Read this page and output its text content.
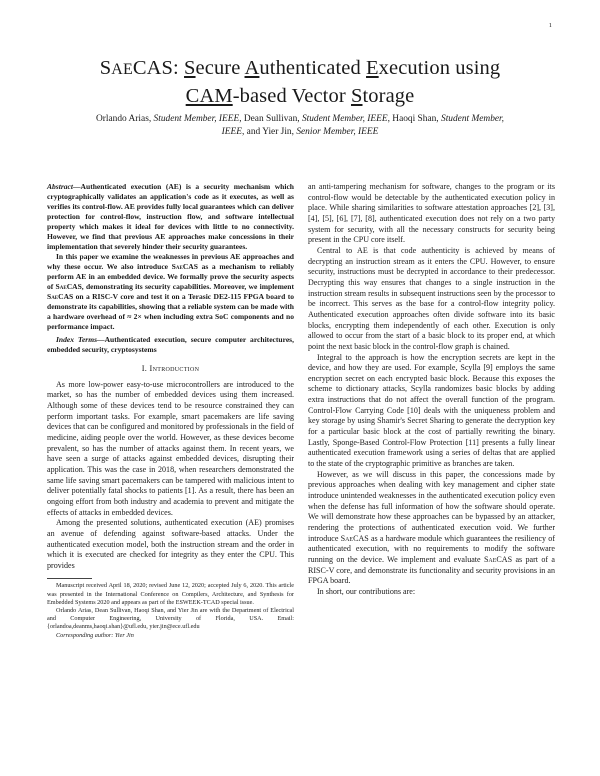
1
SAECAS: Secure Authenticated Execution using
CAM-based Vector Storage
Orlando Arias, Student Member, IEEE, Dean Sullivan, Student Member, IEEE, Haoqi Shan, Student Member,
IEEE, and Yier Jin, Senior Member, IEEE

Abstract—Authenticated execution (AE) is a security mechanism which cryptographically validates an application's code as it executes, as well as verifies its control-flow. AE provides fully local guarantees which can deliver protection for control-flow, instruction flow, and software intellectual property which makes it ideal for devices with little to no connectivity. However, we find that previous AE approaches make concessions in their implementation that severely hinder their security guarantees.

In this paper we examine the weaknesses in previous AE approaches and why these occur. We also introduce SaeCAS as a mechanism to reliably perform AE in an embedded device. We formally prove the security aspects of SaeCAS, demonstrating its security capabilities. Moreover, we implement SaeCAS on a RISC-V core and test it on a Terasic DE2-115 FPGA board to demonstrate its capabilities, showing that a reliable system can be made with a hardware overhead of ≈ 2× when including extra SoC components and no performance impact.

Index Terms—Authenticated execution, secure computer architectures, embedded security, cryptosystems

I. Introduction

As more low-power easy-to-use microcontrollers are introduced to the market, so has the number of embedded devices using them increased. Although some of these devices tend to be resource constrained they can perform important tasks. For example, smart pacemakers are life saving devices that can be configured and monitored by professionals in the field of medicine, aiding people over the world. However, as these devices become prevalent, so has the number of attacks against them. In recent years, we have seen a surge of attacks against embedded devices, disrupting their application. This was the case in 2018, when researchers demonstrated the same life saving smart pacemakers can be tampered with malicious intent to deliver potentially fatal shocks to patients [1]. As a result, there has been an ongoing effort from both industry and academia to prevent and mitigate the effects of attacks in embedded devices.

Among the presented solutions, authenticated execution (AE) promises an avenue of defending against software-based attacks. Under the authenticated execution model, both the instruction stream and the order in which it is executed are checked for integrity as they enter the CPU. This provides

Manuscript received April 18, 2020; revised June 12, 2020; accepted July 6, 2020. This article was presented in the International Conference on Compilers, Architecture, and Synthesis for Embedded Systems 2020 and appears as part of the ESWEEK-TCAD special issue.

Orlando Arias, Dean Sullivan, Haoqi Shan, and Yier Jin are with the Department of Electrical and Computer Engineering, University of Florida, USA. Email: {orlandoa,deanms,haoqi.shan}@ufl.edu, yier.jin@ece.ufl.edu

Corresponding author: Yier Jin

an anti-tampering mechanism for software, changes to the program or its control-flow would be detectable by the authenticated execution policy in place. While sharing similarities to software attestation approaches [2], [3], [4], [5], [6], [7], [8], authenticated execution does not rely on a two party system for security, with all the necessary constructs for security being present in the CPU core itself.

Central to AE is that code authenticity is achieved by means of decrypting an instruction stream as it enters the CPU. However, to ensure security, instructions must be decrypted in accordance to their predecessor. Decrypting this way ensures that changes to a single instruction in the instruction stream results in subsequent instructions seen by the processor to be incorrect. This serves as the base for a control-flow integrity policy. Authenticated execution approaches often divide software into its basic blocks, encrypting them independently of each other. Execution is only allowed to occur from the start of a basic block to its proper end, at which point the next basic block in the control-flow graph is chained.

Integral to the approach is how the encryption secrets are kept in the device, and how they are used. For example, Scylla [9] employs the same encryption secret on each encrypted basic block. Because this exposes the scheme to dictionary attacks, Scylla randomizes basic blocks by adding extra instructions that do not affect the overall function of the program. Control-Flow Carrying Code [10] deals with the uniqueness problem and key storage by using Shamir's Secret Sharing to generate the decryption key for a particular basic block at the cost of partially rewriting the binary. Lastly, Sponge-Based Control-Flow Protection [11] presents a fully linear authenticated execution framework using a series of deltas that are applied to the state of the cryptographic primitive as branches are taken.

However, as we will discuss in this paper, the concessions made by previous approaches when dealing with key management and cipher state introduce unintended weaknesses in the authenticated execution policy even when the defense has full information of how the software should operate. We will demonstrate how these approaches can be bypassed by an attacker, rendering the protections of authenticated execution void. We further introduce SaeCAS as a hardware module which guarantees the resiliency of authenticated execution, with no requirements to modify the software running on the device. We implement and evaluate SaeCAS as part of a RISC-V core, and demonstrate its functionality and security provisions in an FPGA board.

In short, our contributions are:
